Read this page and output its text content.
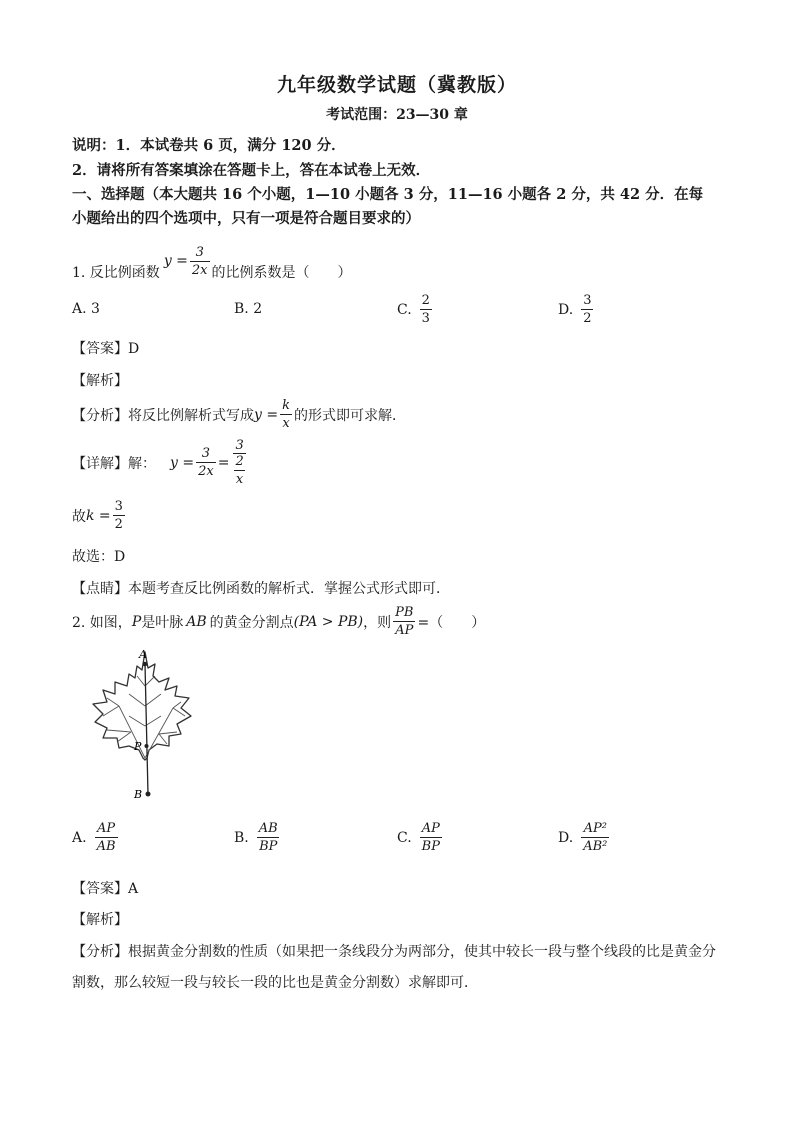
九年级数学试题（冀教版）
考试范围：23—30 章
说明：1．本试卷共 6 页，满分 120 分．
2．请将所有答案填涂在答题卡上，答在本试卷上无效．
一、选择题（本大题共 16 个小题，1—10 小题各 3 分，11—16 小题各 2 分，共 42 分．在每
小题给出的四个选项中，只有一项是符合题目要求的）
1. 反比例函数
$y = \frac{3}{2x}$ 的比例系数是（　　）
A. 3	B. 2	C. $\frac{2}{3}$	D. $\frac{3}{2}$
【答案】D
【解析】
【分析】 将反比例解析式写成 $y = \frac{k}{x}$ 的形式即可求解．
【详解】 解： $y = \frac{3}{2x} = 3$
2
x
故 $k = \frac{3}{2}$
故选：D
【点睛】本题考查反比例函数的解析式．掌握公式形式即可．
2. 如图， P 是叶脉 AB 的黄金分割点 (PA > PB) ，则 $\frac{PB}{AP}$ =（　　）
A
P
B
A. $\frac{AP}{AB}$	B. $\frac{AB}{BP}$	C. $\frac{AP}{BP}$	D. $\frac{\text{AP²}}{\text{AB²}}$
【答案】A
【解析】
【分析】根据黄金分割数的性质（如果把一条线段分为两部分，使其中较长一段与整个线段的比是黄金分
割数，那么较短一段与较长一段的比也是黄金分割数）求解即可．
